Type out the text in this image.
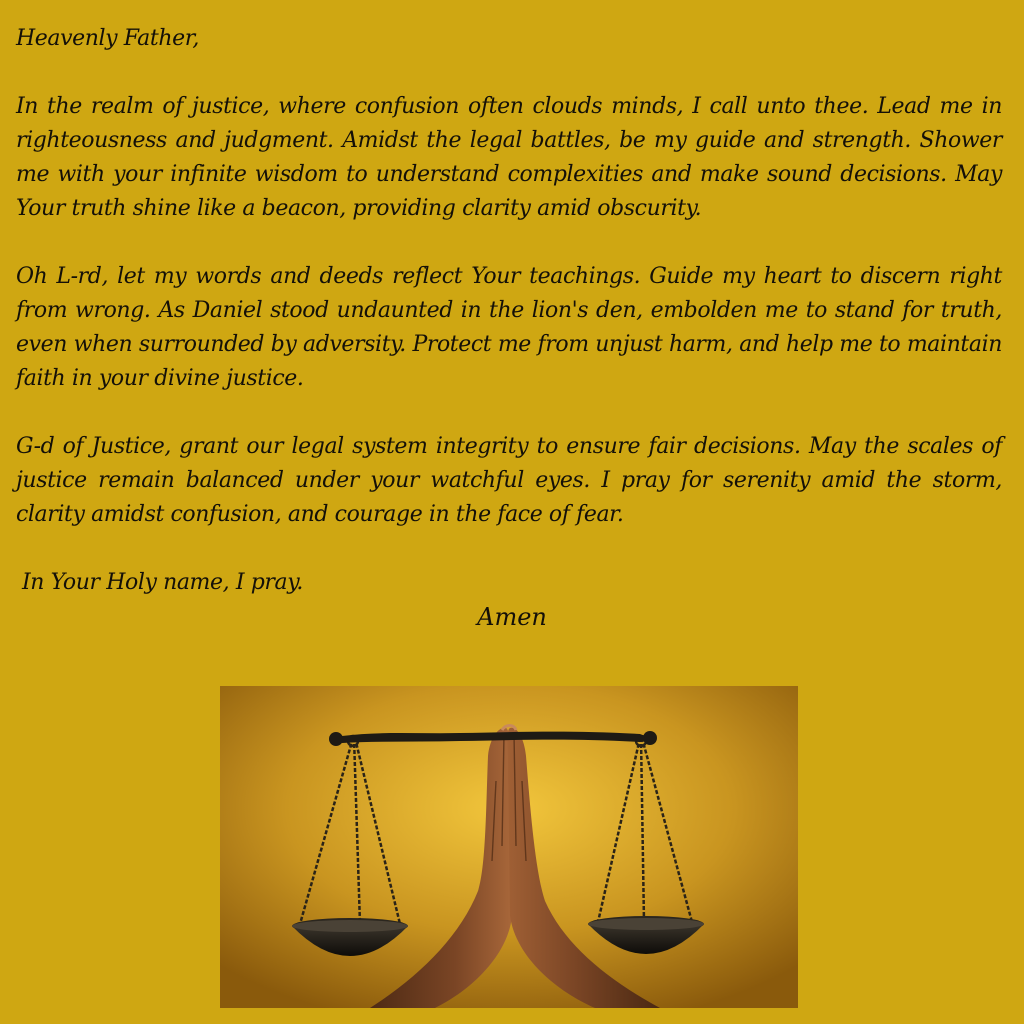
Heavenly Father,

In the realm of justice, where confusion often clouds minds, I call unto thee. Lead me in righteousness and judgment. Amidst the legal battles, be my guide and strength. Shower me with your infinite wisdom to understand complexities and make sound decisions. May Your truth shine like a beacon, providing clarity amid obscurity.

Oh L-rd, let my words and deeds reflect Your teachings. Guide my heart to discern right from wrong. As Daniel stood undaunted in the lion's den, embolden me to stand for truth, even when surrounded by adversity. Protect me from unjust harm, and help me to maintain faith in your divine justice.

G-d of Justice, grant our legal system integrity to ensure fair decisions. May the scales of justice remain balanced under your watchful eyes. I pray for serenity amid the storm, clarity amidst confusion, and courage in the face of fear.

In Your Holy name, I pray.

Amen
